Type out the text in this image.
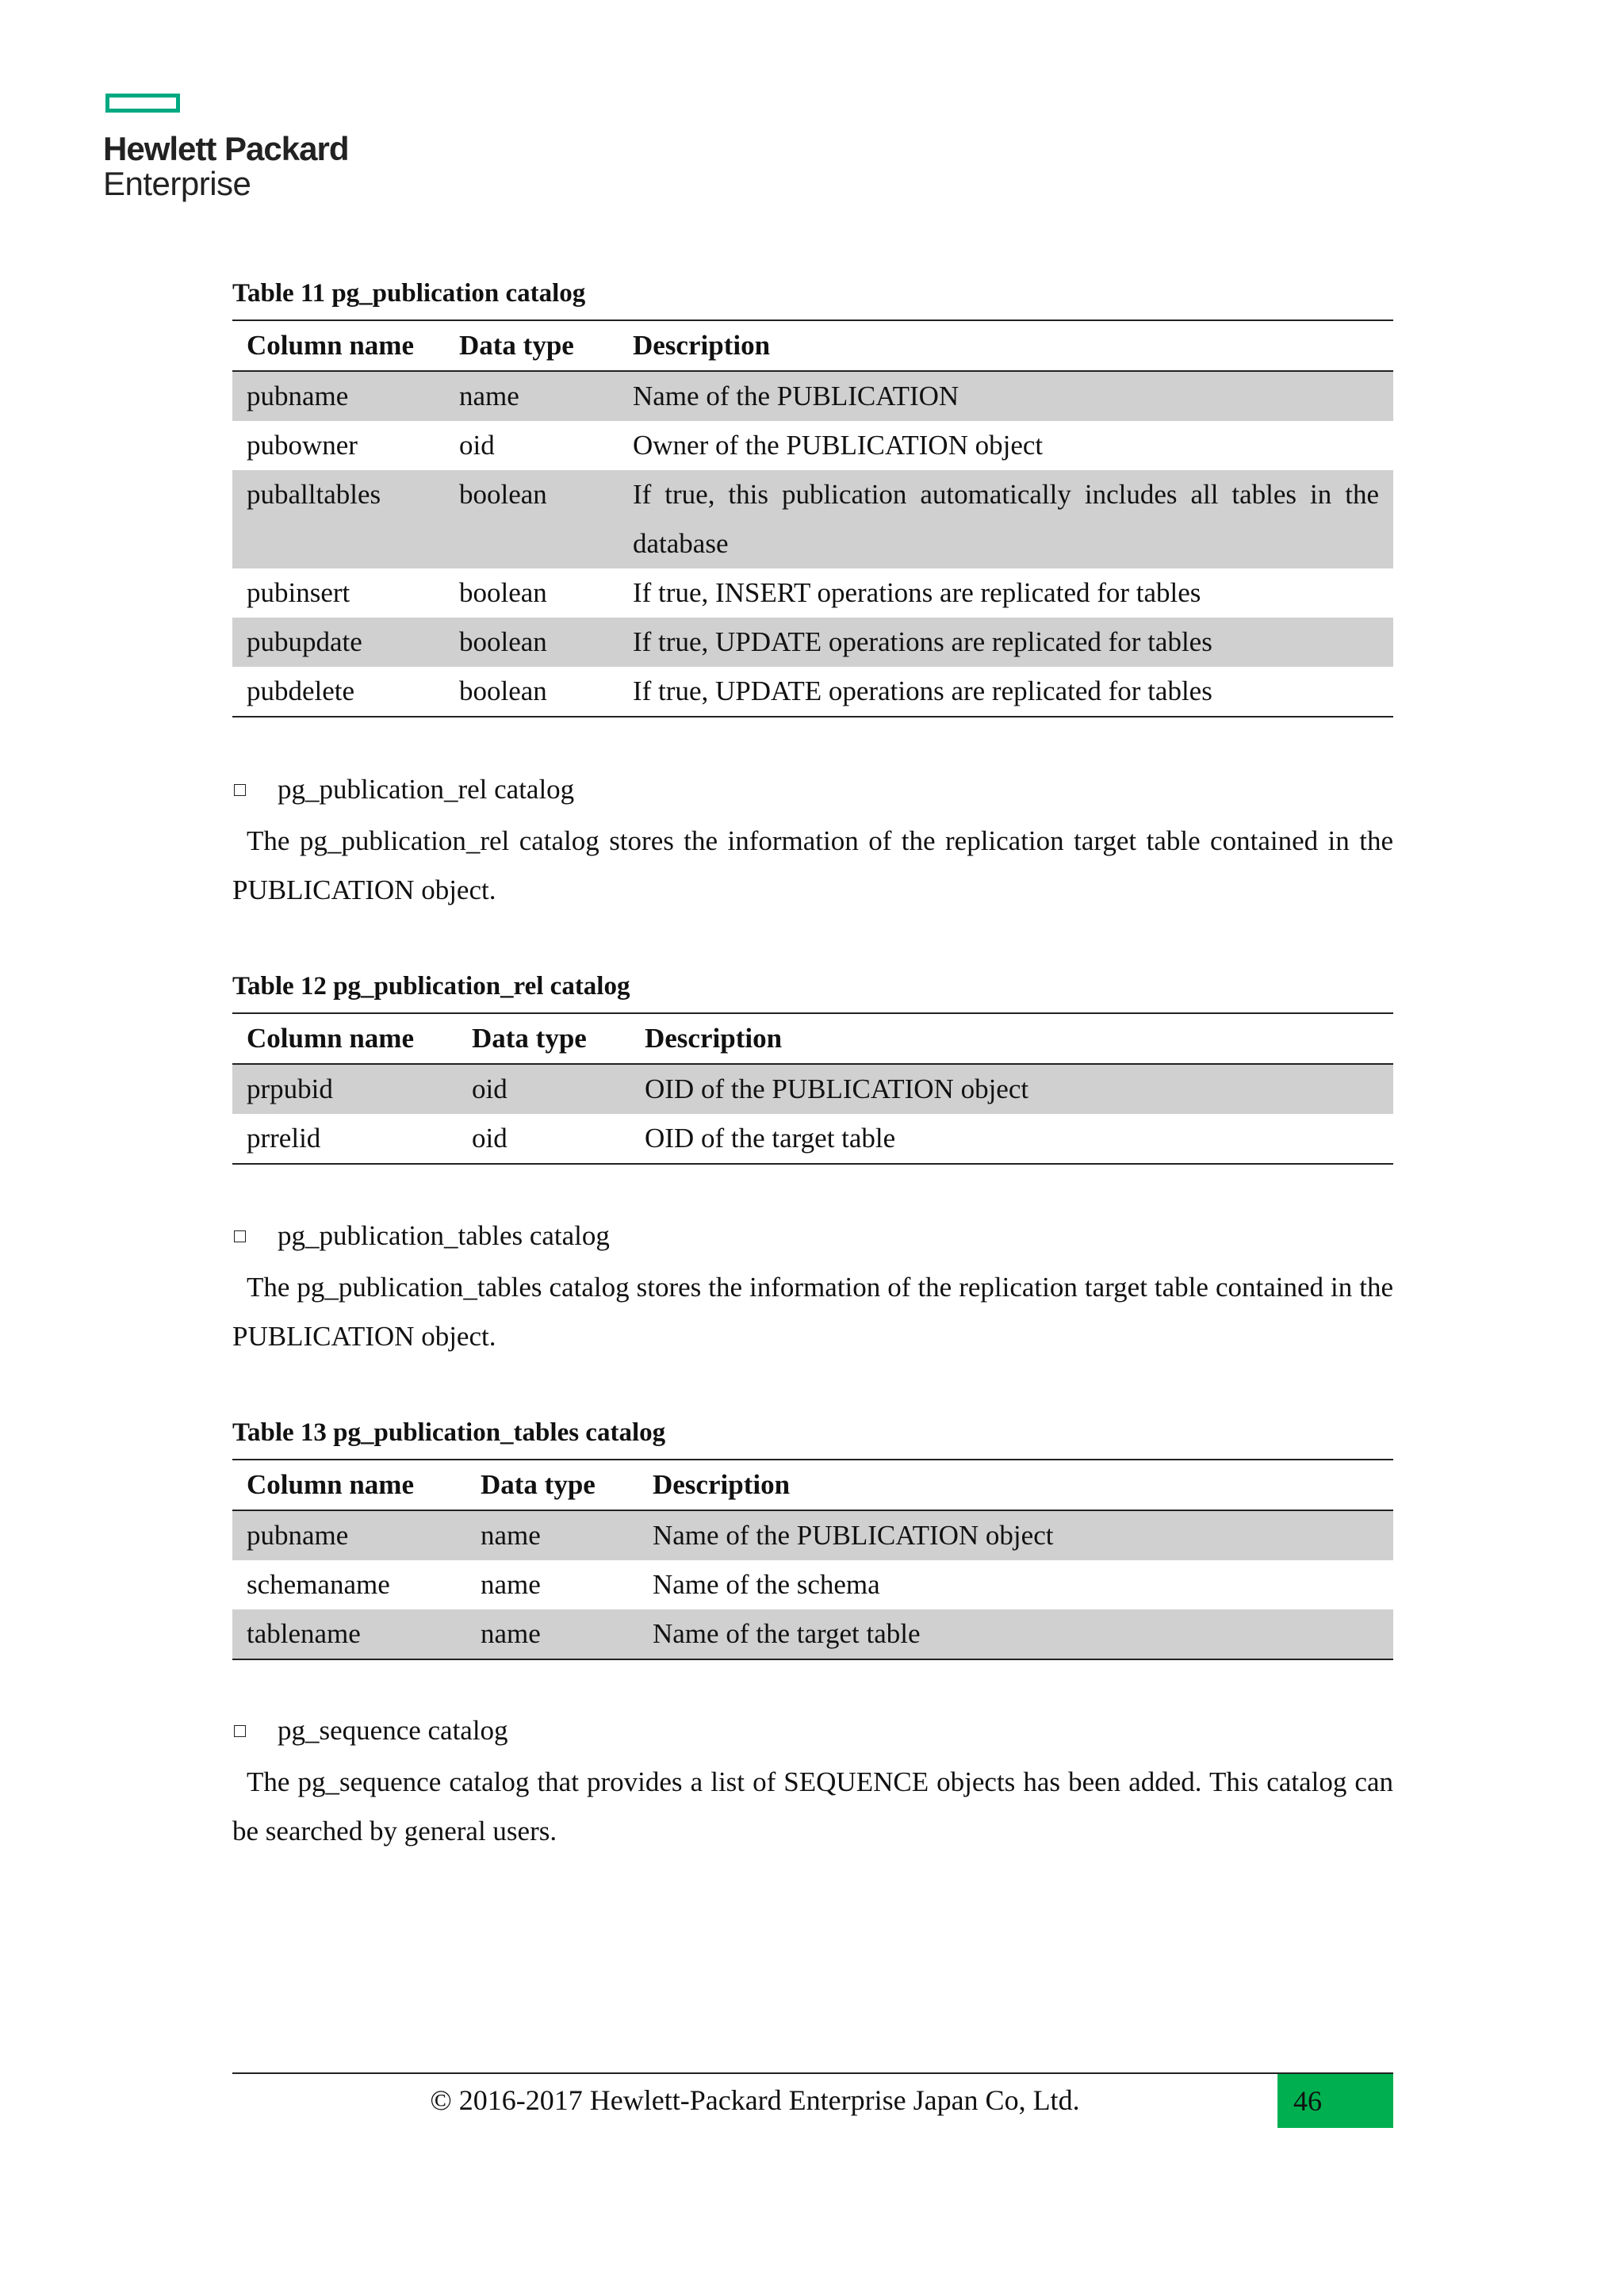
Hewlett Packard
Enterprise
Table 11 pg_publication catalog
Column name	Data type	Description
pubname	name	Name of the PUBLICATION
pubowner	oid	Owner of the PUBLICATION object
puballtables	boolean	If true, this publication automatically includes all tables in the database
pubinsert	boolean	If true, INSERT operations are replicated for tables
pubupdate	boolean	If true, UPDATE operations are replicated for tables
pubdelete	boolean	If true, UPDATE operations are replicated for tables
pg_publication_rel catalog
The pg_publication_rel catalog stores the information of the replication target table contained in the PUBLICATION object.
Table 12 pg_publication_rel catalog
Column name	Data type	Description
prpubid	oid	OID of the PUBLICATION object
prrelid	oid	OID of the target table
pg_publication_tables catalog
The pg_publication_tables catalog stores the information of the replication target table contained in the PUBLICATION object.
Table 13 pg_publication_tables catalog
Column name	Data type	Description
pubname	name	Name of the PUBLICATION object
schemaname	name	Name of the schema
tablename	name	Name of the target table
pg_sequence catalog
The pg_sequence catalog that provides a list of SEQUENCE objects has been added. This catalog can be searched by general users.
© 2016-2017 Hewlett-Packard Enterprise Japan Co, Ltd.	46
